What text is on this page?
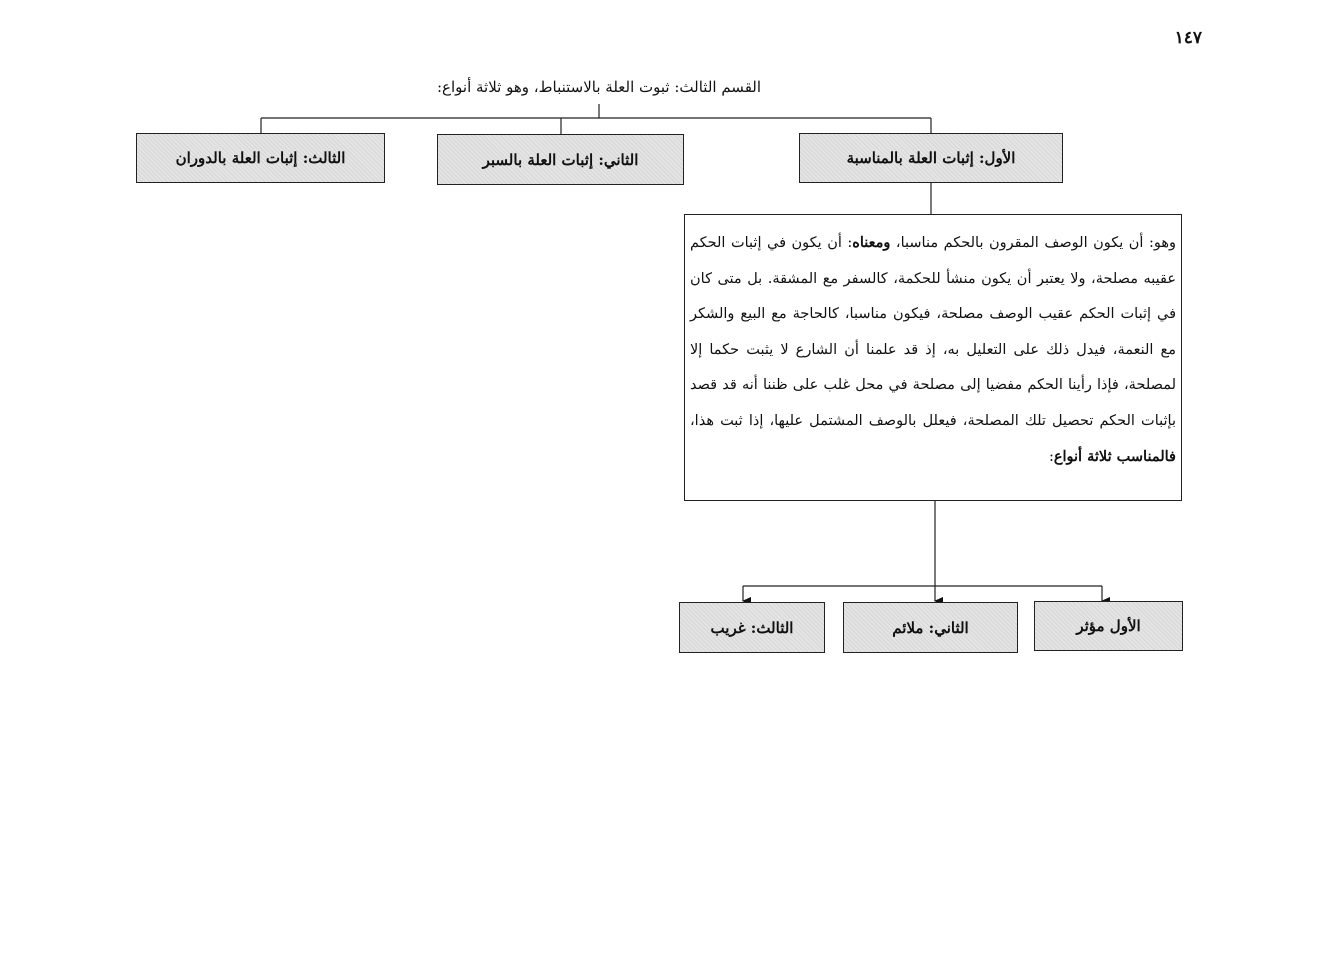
١٤٧
القسم الثالث: ثبوت العلة بالاستنباط، وهو ثلاثة أنواع:
الأول: إثبات العلة بالمناسبة
الثاني: إثبات العلة بالسبر
الثالث: إثبات العلة بالدوران
وهو: أن يكون الوصف المقرون بالحكم مناسبا، ومعناه: أن يكون في إثبات الحكم عقيبه مصلحة، ولا يعتبر أن يكون منشأ للحكمة، كالسفر مع المشقة. بل متى كان في إثبات الحكم عقيب الوصف مصلحة، فيكون مناسبا، كالحاجة مع البيع والشكر مع النعمة، فيدل ذلك على التعليل به، إذ قد علمنا أن الشارع لا يثبت حكما إلا لمصلحة، فإذا رأينا الحكم مفضيا إلى مصلحة في محل غلب على ظننا أنه قد قصد بإثبات الحكم تحصيل تلك المصلحة، فيعلل بالوصف المشتمل عليها، إذا ثبت هذا، فالمناسب ثلاثة أنواع:
الأول مؤثر
الثاني: ملائم
الثالث: غريب
